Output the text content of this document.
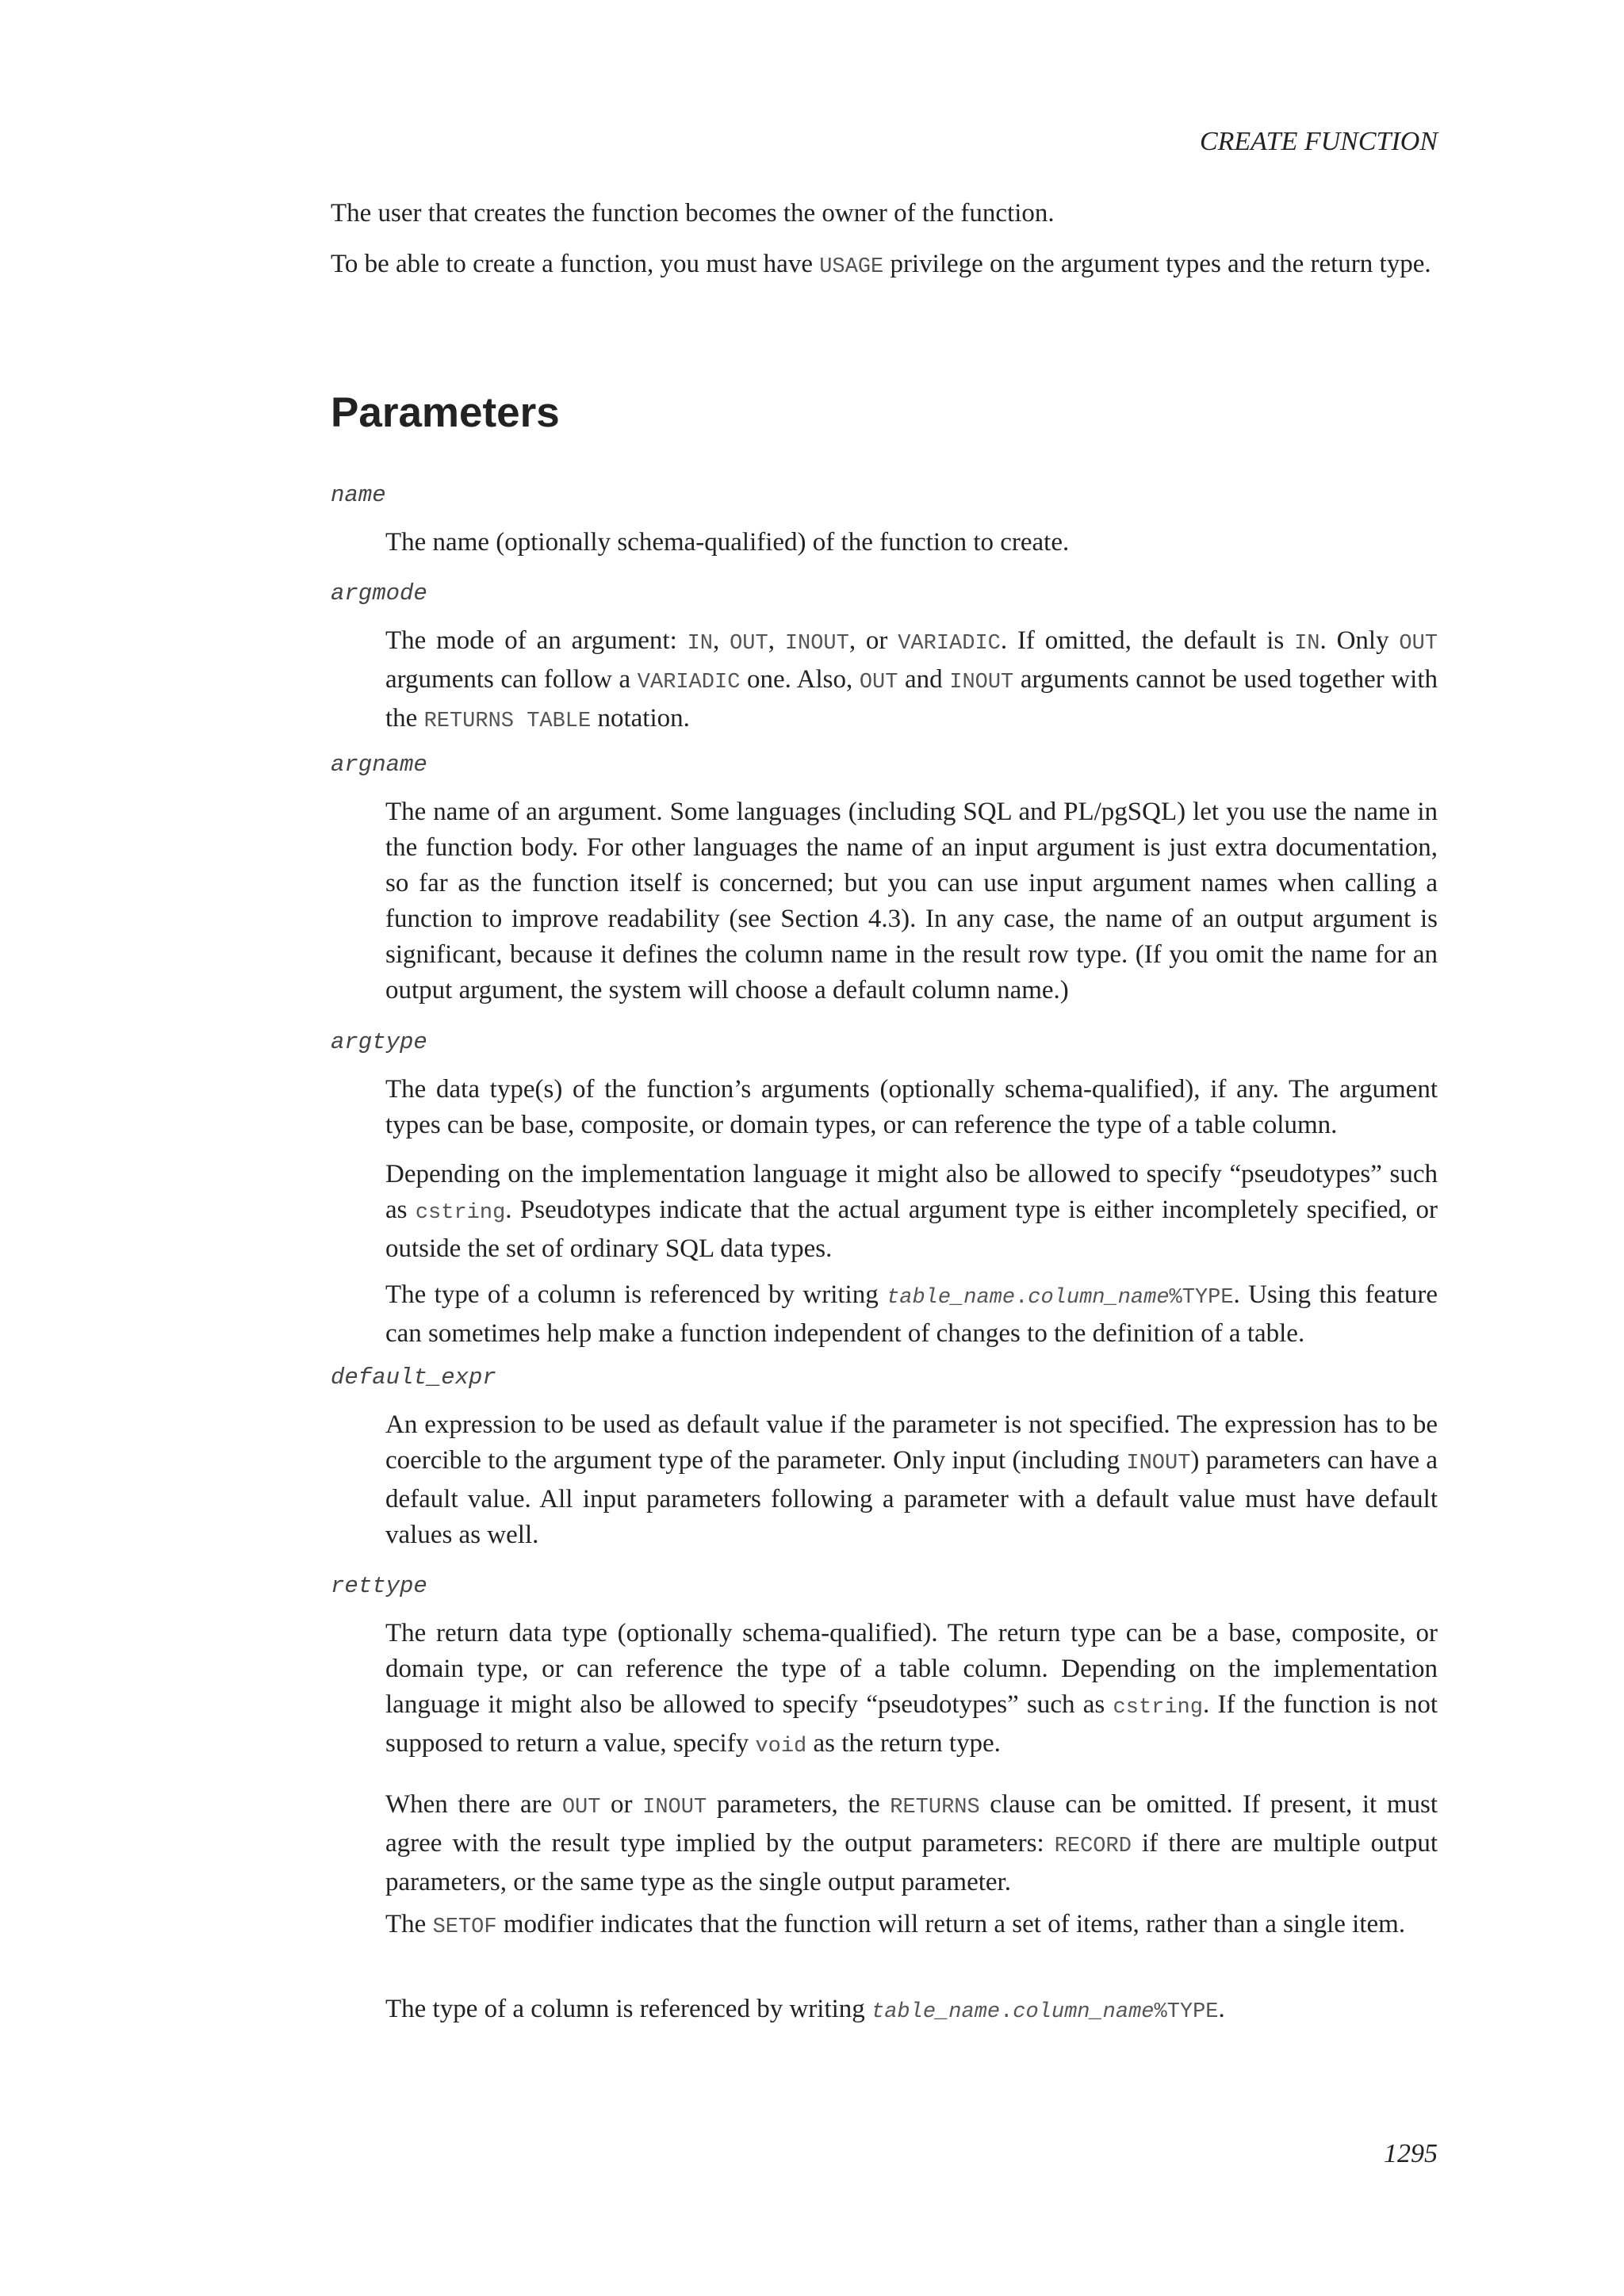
CREATE FUNCTION

The user that creates the function becomes the owner of the function.

To be able to create a function, you must have USAGE privilege on the argument types and the return type.

Parameters
name

The name (optionally schema-qualified) of the function to create.

argmode

The mode of an argument: IN, OUT, INOUT, or VARIADIC. If omitted, the default is IN. Only OUT arguments can follow a VARIADIC one. Also, OUT and INOUT arguments cannot be used together with the RETURNS TABLE notation.

argname

The name of an argument. Some languages (including SQL and PL/pgSQL) let you use the name in the function body. For other languages the name of an input argument is just extra documentation, so far as the function itself is concerned; but you can use input argument names when calling a function to improve readability (see Section 4.3). In any case, the name of an output argument is significant, because it defines the column name in the result row type. (If you omit the name for an output argument, the system will choose a default column name.)

argtype

The data type(s) of the function’s arguments (optionally schema-qualified), if any. The argument types can be base, composite, or domain types, or can reference the type of a table column.

Depending on the implementation language it might also be allowed to specify “pseudotypes” such as cstring. Pseudotypes indicate that the actual argument type is either incompletely specified, or outside the set of ordinary SQL data types.

The type of a column is referenced by writing table_name.column_name%TYPE. Using this feature can sometimes help make a function independent of changes to the definition of a table.

default_expr

An expression to be used as default value if the parameter is not specified. The expression has to be coercible to the argument type of the parameter. Only input (including INOUT) parameters can have a default value. All input parameters following a parameter with a default value must have default values as well.

rettype

The return data type (optionally schema-qualified). The return type can be a base, composite, or domain type, or can reference the type of a table column. Depending on the implementation language it might also be allowed to specify “pseudotypes” such as cstring. If the function is not supposed to return a value, specify void as the return type.

When there are OUT or INOUT parameters, the RETURNS clause can be omitted. If present, it must agree with the result type implied by the output parameters: RECORD if there are multiple output parameters, or the same type as the single output parameter.

The SETOF modifier indicates that the function will return a set of items, rather than a single item.

The type of a column is referenced by writing table_name.column_name%TYPE.

1295
